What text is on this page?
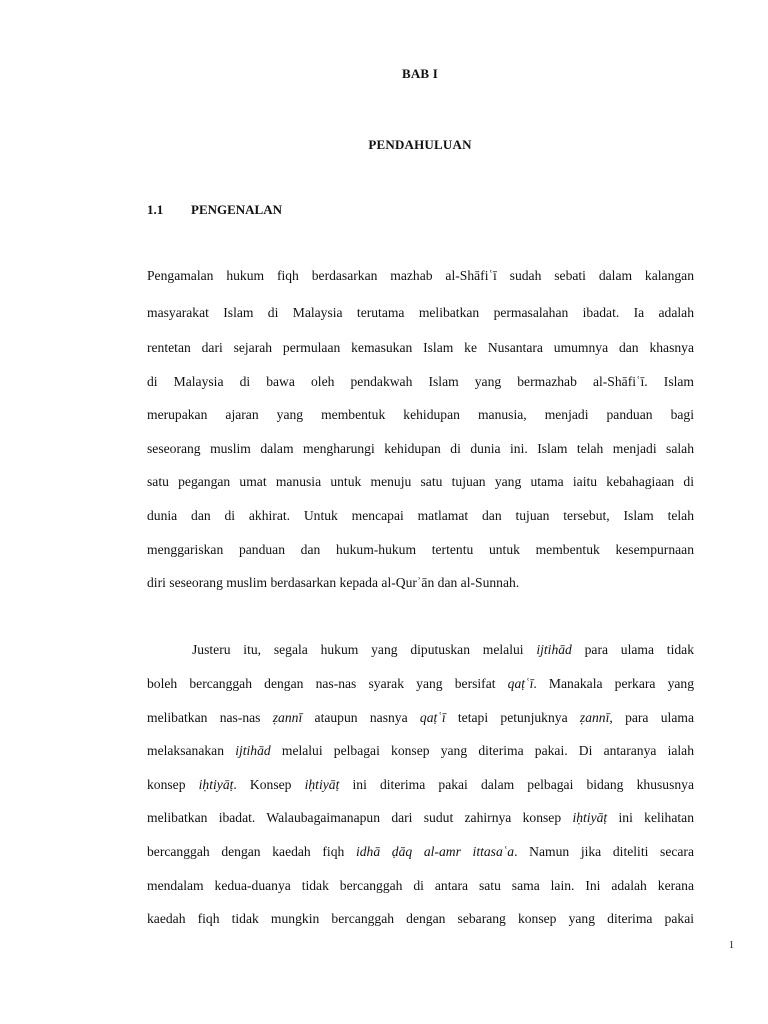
BAB I
PENDAHULUAN
1.1 PENGENALAN
Pengamalan hukum fiqh berdasarkan mazhab al-Shāfiʿī sudah sebati dalam kalangan
masyarakat Islam di Malaysia terutama melibatkan permasalahan ibadat. Ia adalah
rentetan dari sejarah permulaan kemasukan Islam ke Nusantara umumnya dan khasnya
di Malaysia di bawa oleh pendakwah Islam yang bermazhab al-Shāfiʿī. Islam
merupakan ajaran yang membentuk kehidupan manusia, menjadi panduan bagi
seseorang muslim dalam mengharungi kehidupan di dunia ini. Islam telah menjadi salah
satu pegangan umat manusia untuk menuju satu tujuan yang utama iaitu kebahagiaan di
dunia dan di akhirat. Untuk mencapai matlamat dan tujuan tersebut, Islam telah
menggariskan panduan dan hukum-hukum tertentu untuk membentuk kesempurnaan
diri seseorang muslim berdasarkan kepada al-Qurʾān dan al-Sunnah.
Justeru itu, segala hukum yang diputuskan melalui ijtihād para ulama tidak
boleh bercanggah dengan nas-nas syarak yang bersifat qaṭʿī. Manakala perkara yang
melibatkan nas-nas ẓannī ataupun nasnya qaṭʿī tetapi petunjuknya ẓannī, para ulama
melaksanakan ijtihād melalui pelbagai konsep yang diterima pakai. Di antaranya ialah
konsep iḥtiyāṭ. Konsep iḥtiyāṭ ini diterima pakai dalam pelbagai bidang khususnya
melibatkan ibadat. Walaubagaimanapun dari sudut zahirnya konsep iḥtiyāṭ ini kelihatan
bercanggah dengan kaedah fiqh idhā ḍāq al-amr ittasaʿa. Namun jika diteliti secara
mendalam kedua-duanya tidak bercanggah di antara satu sama lain. Ini adalah kerana
kaedah fiqh tidak mungkin bercanggah dengan sebarang konsep yang diterima pakai
1
